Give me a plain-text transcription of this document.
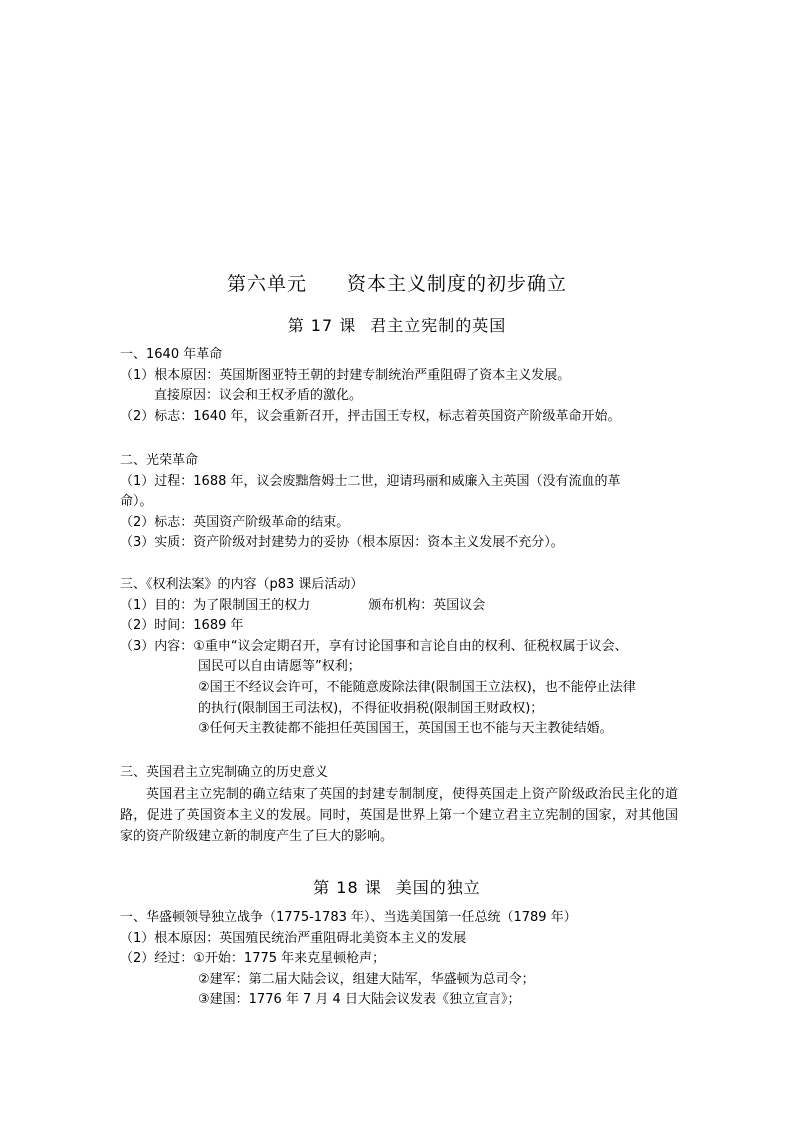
第六单元 资本主义制度的初步确立
第 17 课 君主立宪制的英国
一、1640 年革命
（1）根本原因：英国斯图亚特王朝的封建专制统治严重阻碍了资本主义发展。
直接原因：议会和王权矛盾的激化。
（2）标志：1640 年，议会重新召开，抨击国王专权，标志着英国资产阶级革命开始。
二、光荣革命
（1）过程：1688 年，议会废黜詹姆士二世，迎请玛丽和威廉入主英国（没有流血的革
命）。
（2）标志：英国资产阶级革命的结束。
（3）实质：资产阶级对封建势力的妥协（根本原因：资本主义发展不充分）。
三、《权利法案》的内容（p83 课后活动）
（1）目的：为了限制国王的权力	颁布机构：英国议会
（2）时间：1689 年
（3）内容：①重申“议会定期召开，享有讨论国事和言论自由的权利、征税权属于议会、
国民可以自由请愿等”权利；
②国王不经议会许可，不能随意废除法律(限制国王立法权)，也不能停止法律
的执行(限制国王司法权)，不得征收捐税(限制国王财政权)；
③任何天主教徒都不能担任英国国王，英国国王也不能与天主教徒结婚。
三、英国君主立宪制确立的历史意义
英国君主立宪制的确立结束了英国的封建专制制度，使得英国走上资产阶级政治民主化的道路，促进了英国资本主义的发展。同时，英国是世界上第一个建立君主立宪制的国家，对其他国家的资产阶级建立新的制度产生了巨大的影响。
第 18 课 美国的独立
一、华盛顿领导独立战争（1775-1783 年）、当选美国第一任总统（1789 年）
（1）根本原因：英国殖民统治严重阻碍北美资本主义的发展
（2）经过：①开始：1775 年来克星顿枪声；
②建军：第二届大陆会议，组建大陆军，华盛顿为总司令；
③建国：1776 年 7 月 4 日大陆会议发表《独立宣言》；
